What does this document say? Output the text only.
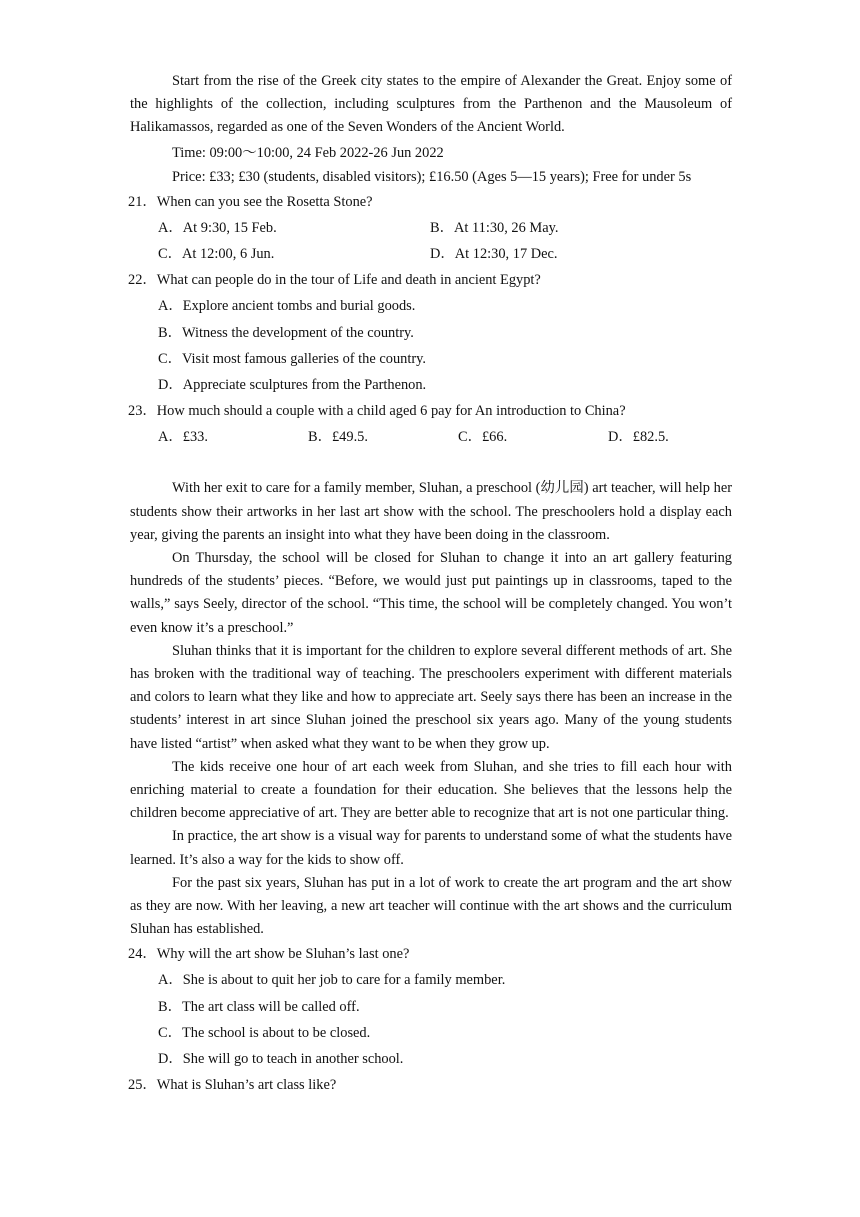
Start from the rise of the Greek city states to the empire of Alexander the Great. Enjoy some of the highlights of the collection, including sculptures from the Parthenon and the Mausoleum of Halikamassos, regarded as one of the Seven Wonders of the Ancient World.

Time: 09:00～10:00, 24 Feb 2022-26 Jun 2022

Price: £33; £30 (students, disabled visitors); £16.50 (Ages 5—15 years); Free for under 5s

21．When can you see the Rosetta Stone?
A．At 9:30, 15 Feb.	B．At 11:30, 26 May.
C．At 12:00, 6 Jun.	D．At 12:30, 17 Dec.
22．What can people do in the tour of Life and death in ancient Egypt?
A．Explore ancient tombs and burial goods.
B．Witness the development of the country.
C．Visit most famous galleries of the country.
D．Appreciate sculptures from the Parthenon.
23．How much should a couple with a child aged 6 pay for An introduction to China?
A．£33.	B．£49.5.	C．£66.	D．£82.5.

With her exit to care for a family member, Sluhan, a preschool (幼儿园) art teacher, will help her students show their artworks in her last art show with the school. The preschoolers hold a display each year, giving the parents an insight into what they have been doing in the classroom.

On Thursday, the school will be closed for Sluhan to change it into an art gallery featuring hundreds of the students’ pieces. “Before, we would just put paintings up in classrooms, taped to the walls,” says Seely, director of the school. “This time, the school will be completely changed. You won’t even know it’s a preschool.”

Sluhan thinks that it is important for the children to explore several different methods of art. She has broken with the traditional way of teaching. The preschoolers experiment with different materials and colors to learn what they like and how to appreciate art. Seely says there has been an increase in the students’ interest in art since Sluhan joined the preschool six years ago. Many of the young students have listed “artist” when asked what they want to be when they grow up.

The kids receive one hour of art each week from Sluhan, and she tries to fill each hour with enriching material to create a foundation for their education. She believes that the lessons help the children become appreciative of art. They are better able to recognize that art is not one particular thing.

In practice, the art show is a visual way for parents to understand some of what the students have learned. It’s also a way for the kids to show off.

For the past six years, Sluhan has put in a lot of work to create the art program and the art show as they are now. With her leaving, a new art teacher will continue with the art shows and the curriculum Sluhan has established.

24．Why will the art show be Sluhan’s last one?
A．She is about to quit her job to care for a family member.
B．The art class will be called off.
C．The school is about to be closed.
D．She will go to teach in another school.
25．What is Sluhan’s art class like?
